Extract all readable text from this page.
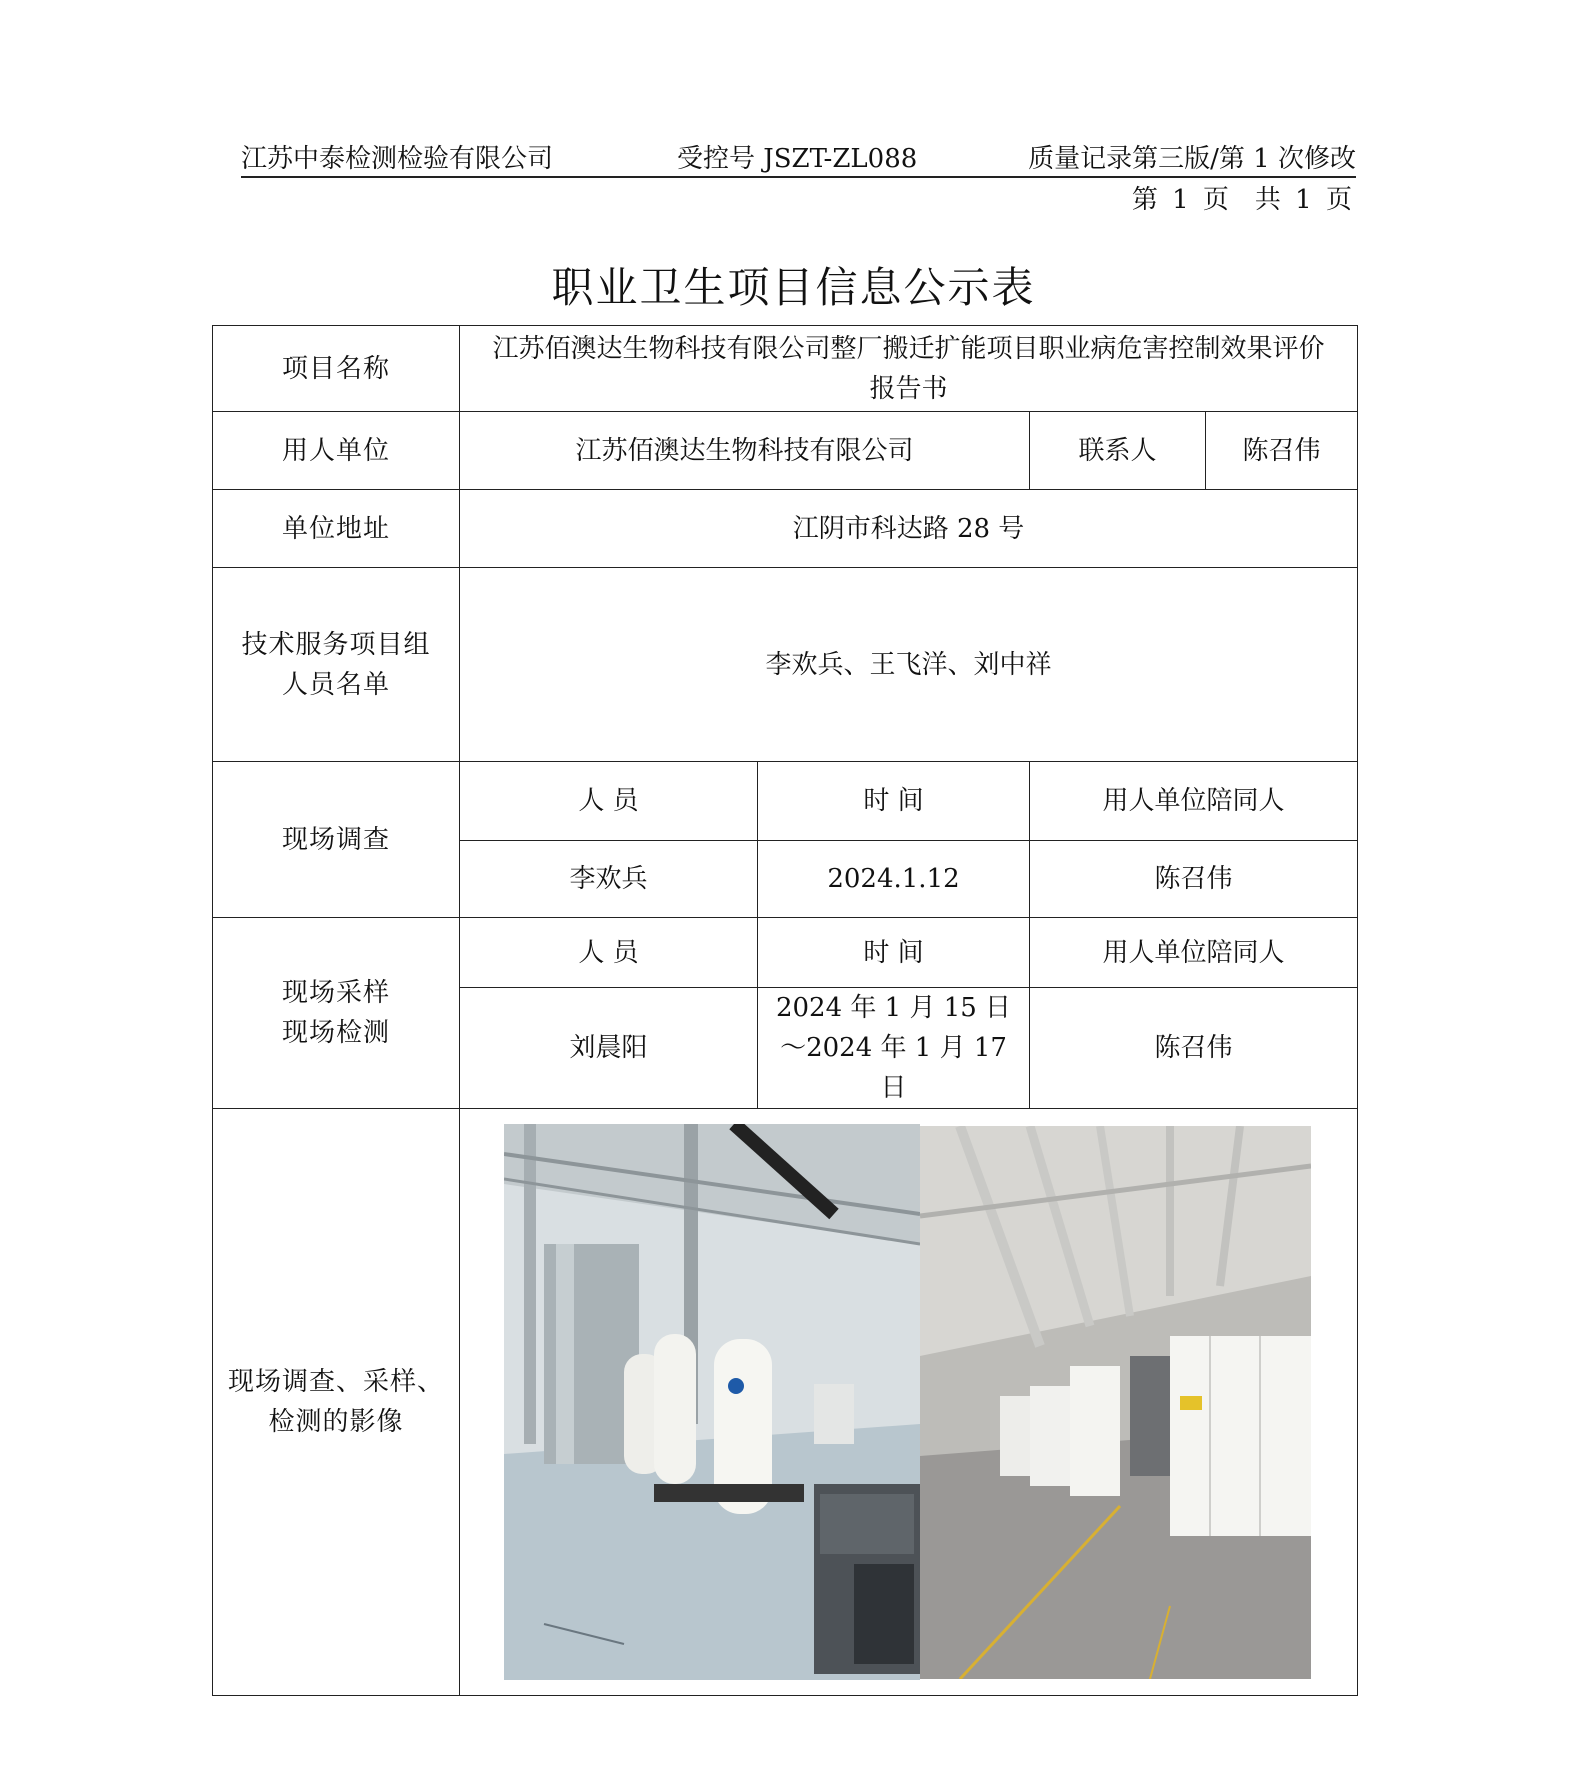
江苏中泰检测检验有限公司	受控号 JSZT-ZL088	质量记录第三版/第 1 次修改
第 1 页　共 1 页
职业卫生项目信息公示表
项目名称	江苏佰澳达生物科技有限公司整厂搬迁扩能项目职业病危害控制效果评价报告书			
用人单位	江苏佰澳达生物科技有限公司		联系人	陈召伟
单位地址	江阴市科达路 28 号			
技术服务项目组人员名单	李欢兵、王飞洋、刘中祥			
现场调查	人 员	时 间	用人单位陪同人	
	李欢兵	2024.1.12	陈召伟	
现场采样现场检测	人 员	时 间	用人单位陪同人	
	刘晨阳	2024 年 1 月 15 日～2024 年 1 月 17 日	陈召伟	
现场调查、采样、检测的影像	
